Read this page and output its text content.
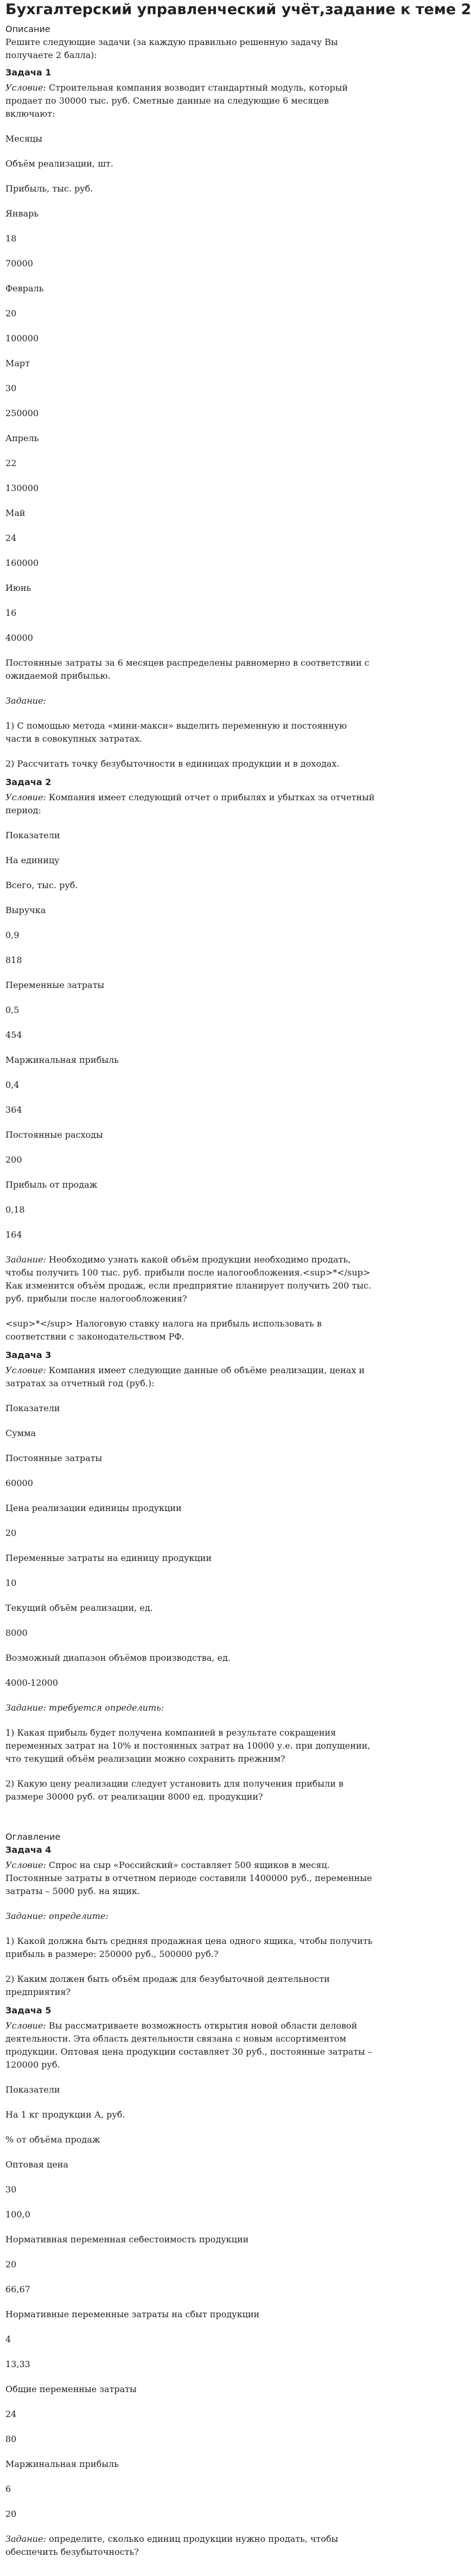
Бухгалтерский управленческий учёт,задание к теме 2
Описание
Решите следующие задачи (за каждую правильно решенную задачу Вы получаете 2 балла):
Задача 1

Условие: Строительная компания возводит стандартный модуль, который продает по 30000 тыс. руб. Сметные данные на следующие 6 месяцев включают:

Месяцы

Объём реализации, шт.

Прибыль, тыс. руб.

Январь

18

70000

Февраль

20

100000

Март

30

250000

Апрель

22

130000

Май

24

160000

Июнь

16

40000

Постоянные затраты за 6 месяцев распределены равномерно в соответствии с ожидаемой прибылью.

Задание:

1) С помощью метода «мини-макси» выделить переменную и постоянную части в совокупных затратах.

2) Рассчитать точку безубыточности в единицах продукции и в доходах.

Задача 2

Условие: Компания имеет следующий отчет о прибылях и убытках за отчетный период:

Показатели

На единицу

Всего, тыс. руб.

Выручка

0,9

818

Переменные затраты

0,5

454

Маржинальная прибыль

0,4

364

Постоянные расходы

200

Прибыль от продаж

0,18

164

Задание: Необходимо узнать какой объём продукции необходимо продать, чтобы получить 100 тыс. руб. прибыли после налогообложения.<sup>*</sup> Как изменится объём продаж, если предприятие планирует получить 200 тыс. руб. прибыли после налогообложения?

<sup>*</sup> Налоговую ставку налога на прибыль использовать в соответствии с законодательством РФ.

Задача 3

Условие: Компания имеет следующие данные об объёме реализации, ценах и затратах за отчетный год (руб.):

Показатели

Сумма

Постоянные затраты

60000

Цена реализации единицы продукции

20

Переменные затраты на единицу продукции

10

Текущий объём реализации, ед.

8000

Возможный диапазон объёмов производства, ед.

4000-12000

Задание: требуется определить:

1) Какая прибыль будет получена компанией в результате сокращения переменных затрат на 10% и постоянных затрат на 10000 у.е. при допущении, что текущий объём реализации можно сохранить прежним?

2) Какую цену реализации следует установить для получения прибыли в размере 30000 руб. от реализации 8000 ед. продукции?

Оглавление
Задача 4

Условие: Спрос на сыр «Российский» составляет 500 ящиков в месяц. Постоянные затраты в отчетном периоде составили 1400000 руб., переменные затраты – 5000 руб. на ящик.

Задание: определите:

1) Какой должна быть средняя продажная цена одного ящика, чтобы получить прибыль в размере: 250000 руб., 500000 руб.?

2) Каким должен быть объём продаж для безубыточной деятельности предприятия?

Задача 5

Условие: Вы рассматриваете возможность открытия новой области деловой деятельности. Эта область деятельности связана с новым ассортиментом продукции. Оптовая цена продукции составляет 30 руб., постоянные затраты – 120000 руб.

Показатели

На 1 кг продукции А, руб.

% от объёма продаж

Оптовая цена

30

100,0

Нормативная переменная себестоимость продукции

20

66,67

Нормативные переменные затраты на сбыт продукции

4

13,33

Общие переменные затраты

24

80

Маржинальная прибыль

6

20

Задание: определите, сколько единиц продукции нужно продать, чтобы обеспечить безубыточность?
